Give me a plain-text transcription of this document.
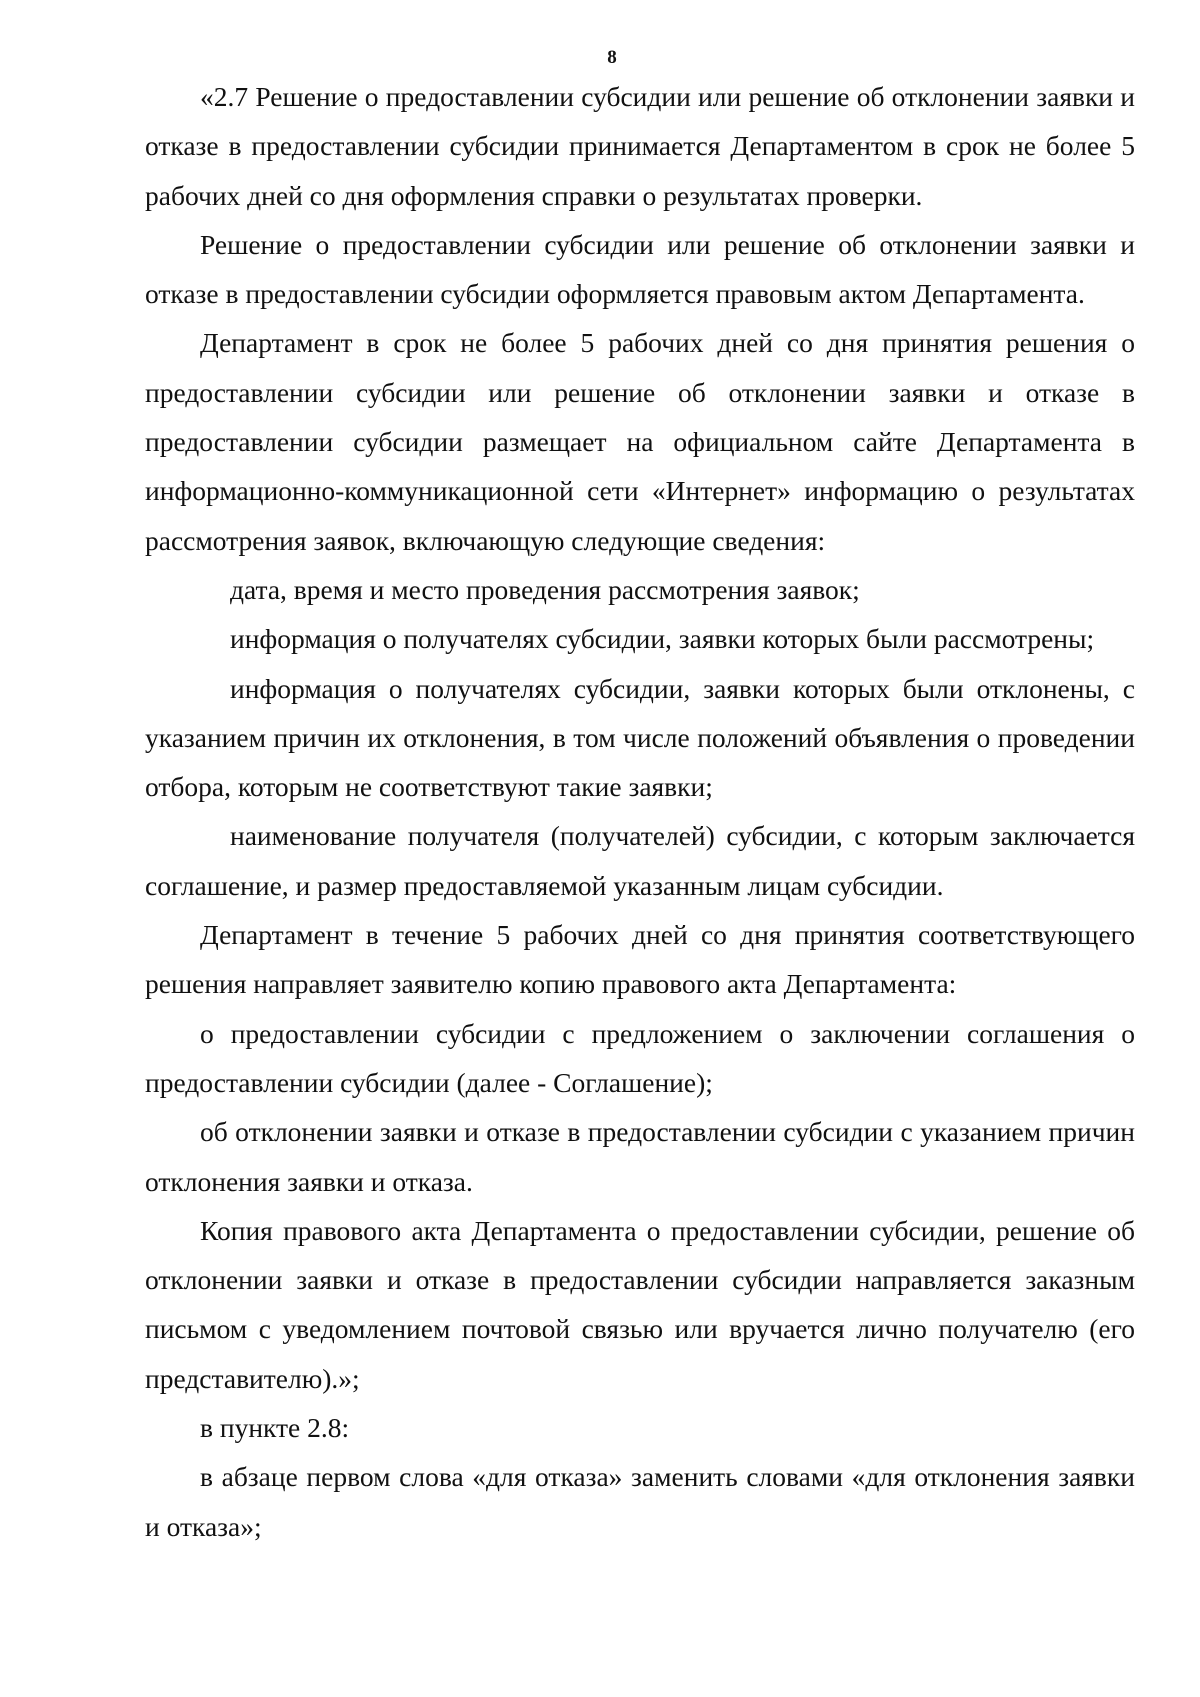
8

«2.7 Решение о предоставлении субсидии или решение об отклонении заявки и отказе в предоставлении субсидии принимается Департаментом в срок не более 5 рабочих дней со дня оформления справки о результатах проверки.

Решение о предоставлении субсидии или решение об отклонении заявки и отказе в предоставлении субсидии оформляется правовым актом Департамента.

Департамент в срок не более 5 рабочих дней со дня принятия решения о предоставлении субсидии или решение об отклонении заявки и отказе в предоставлении субсидии размещает на официальном сайте Департамента в информационно-коммуникационной сети «Интернет» информацию о результатах рассмотрения заявок, включающую следующие сведения:

дата, время и место проведения рассмотрения заявок;

информация о получателях субсидии, заявки которых были рассмотрены;

информация о получателях субсидии, заявки которых были отклонены, с указанием причин их отклонения, в том числе положений объявления о проведении отбора, которым не соответствуют такие заявки;

наименование получателя (получателей) субсидии, с которым заключается соглашение, и размер предоставляемой указанным лицам субсидии.

Департамент в течение 5 рабочих дней со дня принятия соответствующего решения направляет заявителю копию правового акта Департамента:

о предоставлении субсидии с предложением о заключении соглашения о предоставлении субсидии (далее - Соглашение);

об отклонении заявки и отказе в предоставлении субсидии с указанием причин отклонения заявки и отказа.

Копия правового акта Департамента о предоставлении субсидии, решение об отклонении заявки и отказе в предоставлении субсидии направляется заказным письмом с уведомлением почтовой связью или вручается лично получателю (его представителю).»;

в пункте 2.8:

в абзаце первом слова «для отказа» заменить словами «для отклонения заявки и отказа»;
